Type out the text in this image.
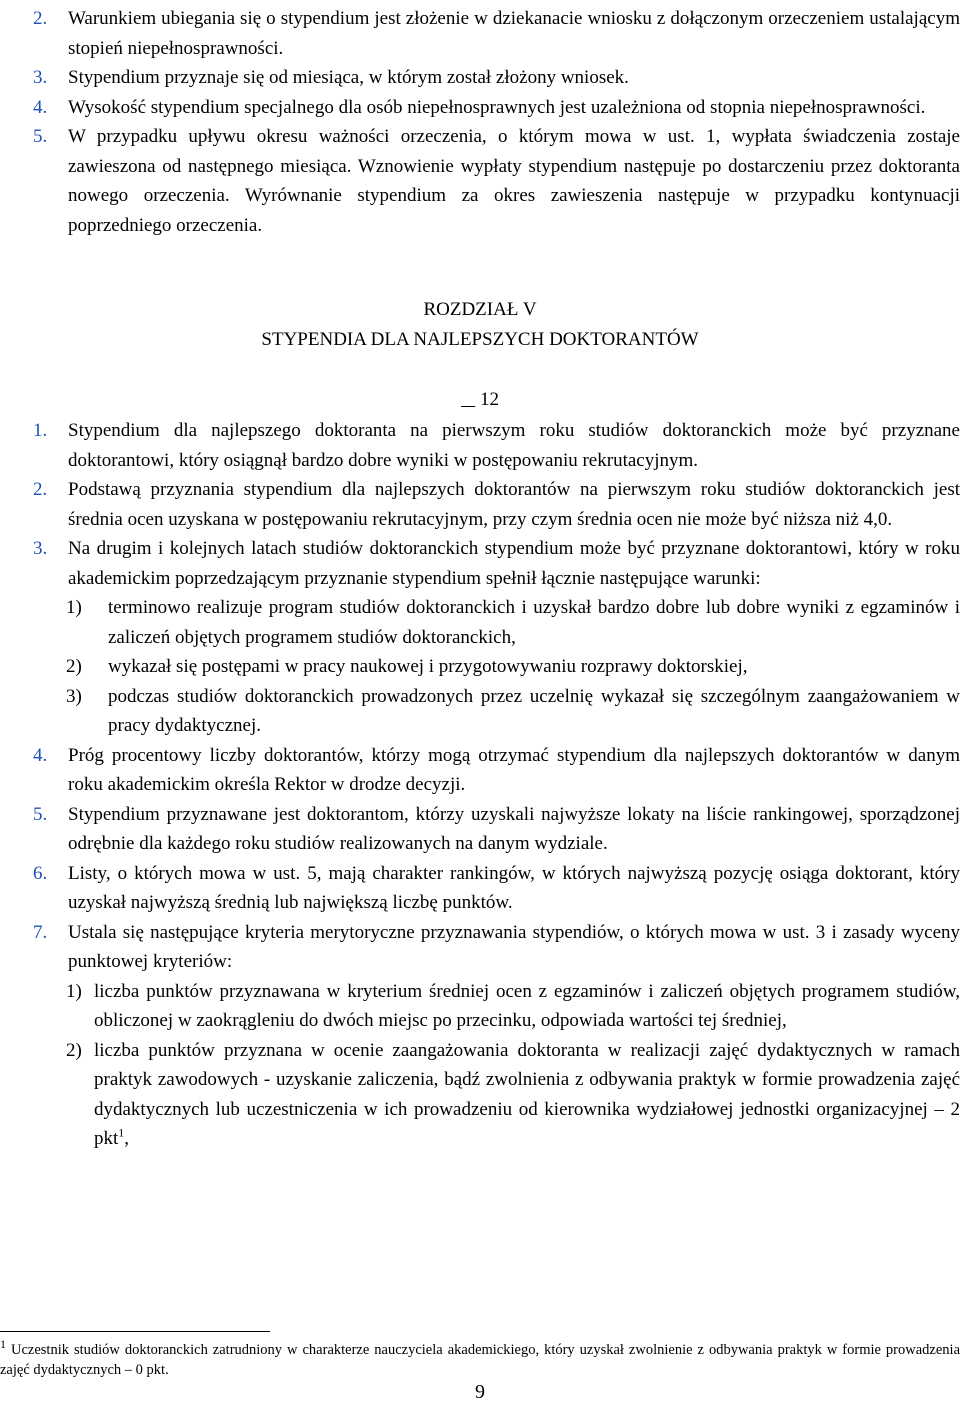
2.	Warunkiem ubiegania się o stypendium jest złożenie w dziekanacie wniosku z dołączonym orzeczeniem ustalającym stopień niepełnosprawności.
3.	Stypendium przyznaje się od miesiąca, w którym został złożony wniosek.
4.	Wysokość stypendium specjalnego dla osób niepełnosprawnych jest uzależniona od stopnia niepełnosprawności.
5.	W przypadku upływu okresu ważności orzeczenia, o którym mowa w ust. 1, wypłata świadczenia zostaje zawieszona od następnego miesiąca. Wznowienie wypłaty stypendium następuje po dostarczeniu przez doktoranta nowego orzeczenia. Wyrównanie stypendium za okres zawieszenia następuje w przypadku kontynuacji poprzedniego orzeczenia.
ROZDZIAŁ V
STYPENDIA DLA NAJLEPSZYCH DOKTORANTÓW
12
1.	Stypendium dla najlepszego doktoranta na pierwszym roku studiów doktoranckich może być przyznane doktorantowi, który osiągnął bardzo dobre wyniki w postępowaniu rekrutacyjnym.
2.	Podstawą przyznania stypendium dla najlepszych doktorantów na pierwszym roku studiów doktoranckich jest średnia ocen uzyskana w postępowaniu rekrutacyjnym, przy czym średnia ocen nie może być niższa niż 4,0.
3.	Na drugim i kolejnych latach studiów doktoranckich stypendium może być przyznane doktorantowi, który w roku akademickim poprzedzającym przyznanie stypendium spełnił łącznie następujące warunki:
1)	terminowo realizuje program studiów doktoranckich i uzyskał bardzo dobre lub dobre wyniki z egzaminów i zaliczeń objętych programem studiów doktoranckich,
2)	wykazał się postępami w pracy naukowej i przygotowywaniu rozprawy doktorskiej,
3)	podczas studiów doktoranckich prowadzonych przez uczelnię wykazał się szczególnym zaangażowaniem w pracy dydaktycznej.
4.	Próg procentowy liczby doktorantów, którzy mogą otrzymać stypendium dla najlepszych doktorantów w danym roku akademickim określa Rektor w drodze decyzji.
5.	Stypendium przyznawane jest doktorantom, którzy uzyskali najwyższe lokaty na liście rankingowej, sporządzonej odrębnie dla każdego roku studiów realizowanych na danym wydziale.
6.	Listy, o których mowa w ust. 5, mają charakter rankingów, w których najwyższą pozycję osiąga doktorant, który uzyskał najwyższą średnią lub największą liczbę punktów.
7.	Ustala się następujące kryteria merytoryczne przyznawania stypendiów, o których mowa w ust. 3 i zasady wyceny punktowej kryteriów:
1) liczba punktów przyznawana w kryterium średniej ocen z egzaminów i zaliczeń objętych programem studiów, obliczonej w zaokrągleniu do dwóch miejsc po przecinku, odpowiada wartości tej średniej,
2) liczba punktów przyznana w ocenie zaangażowania doktoranta w realizacji zajęć dydaktycznych w ramach praktyk zawodowych - uzyskanie zaliczenia, bądź zwolnienia z odbywania praktyk w formie prowadzenia zajęć dydaktycznych lub uczestniczenia w ich prowadzeniu od kierownika wydziałowej jednostki organizacyjnej – 2 pkt$^1$,
$^1$ Uczestnik studiów doktoranckich zatrudniony w charakterze nauczyciela akademickiego, który uzyskał zwolnienie z odbywania praktyk w formie prowadzenia zajęć dydaktycznych – 0 pkt.
9
